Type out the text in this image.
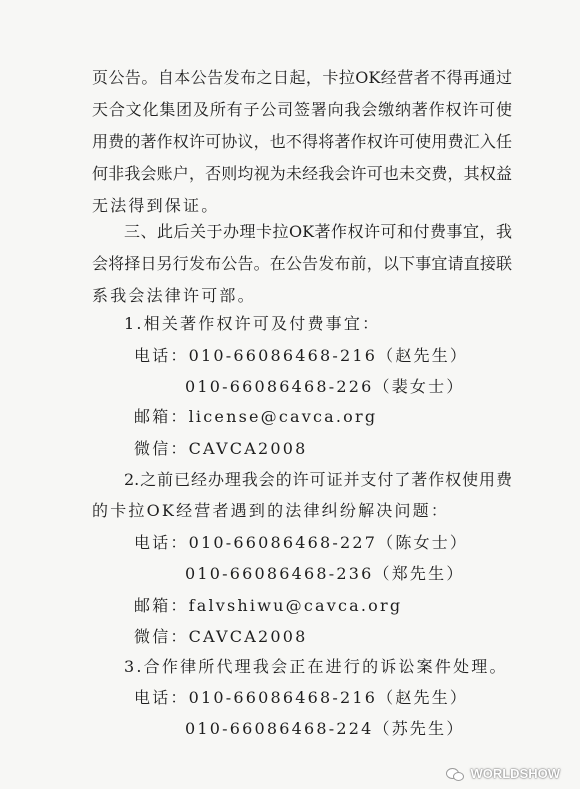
页公告。自本公告发布之日起，卡拉OK经营者不得再通过
天合文化集团及所有子公司签署向我会缴纳著作权许可使
用费的著作权许可协议，也不得将著作权许可使用费汇入任
何非我会账户，否则均视为未经我会许可也未交费，其权益
无法得到保证。
三、此后关于办理卡拉OK著作权许可和付费事宜，我
会将择日另行发布公告。在公告发布前，以下事宜请直接联
系我会法律许可部。
1.相关著作权许可及付费事宜：
电话：010-66086468-216（赵先生）
010-66086468-226（裴女士）
邮箱：license@cavca.org
微信：CAVCA2008
2.之前已经办理我会的许可证并支付了著作权使用费
的卡拉OK经营者遇到的法律纠纷解决问题：
电话：010-66086468-227（陈女士）
010-66086468-236（郑先生）
邮箱：falvshiwu@cavca.org
微信：CAVCA2008
3.合作律所代理我会正在进行的诉讼案件处理。
电话：010-66086468-216（赵先生）
010-66086468-224（苏先生）
WORLDSHOW
